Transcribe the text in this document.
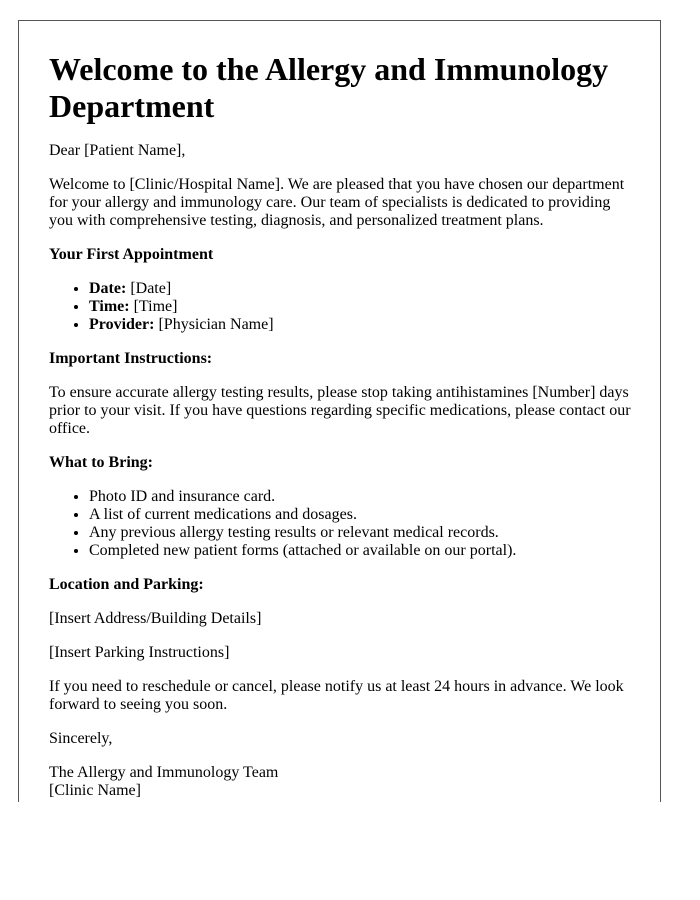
Welcome to the Allergy and Immunology Department

Dear [Patient Name],

Welcome to [Clinic/Hospital Name]. We are pleased that you have chosen our department for your allergy and immunology care. Our team of specialists is dedicated to providing you with comprehensive testing, diagnosis, and personalized treatment plans.

Your First Appointment

• Date: [Date]
• Time: [Time]
• Provider: [Physician Name]

Important Instructions:

To ensure accurate allergy testing results, please stop taking antihistamines [Number] days prior to your visit. If you have questions regarding specific medications, please contact our office.

What to Bring:

• Photo ID and insurance card.
• A list of current medications and dosages.
• Any previous allergy testing results or relevant medical records.
• Completed new patient forms (attached or available on our portal).

Location and Parking:

[Insert Address/Building Details]

[Insert Parking Instructions]

If you need to reschedule or cancel, please notify us at least 24 hours in advance. We look forward to seeing you soon.

Sincerely,

The Allergy and Immunology Team

[Clinic Name]
